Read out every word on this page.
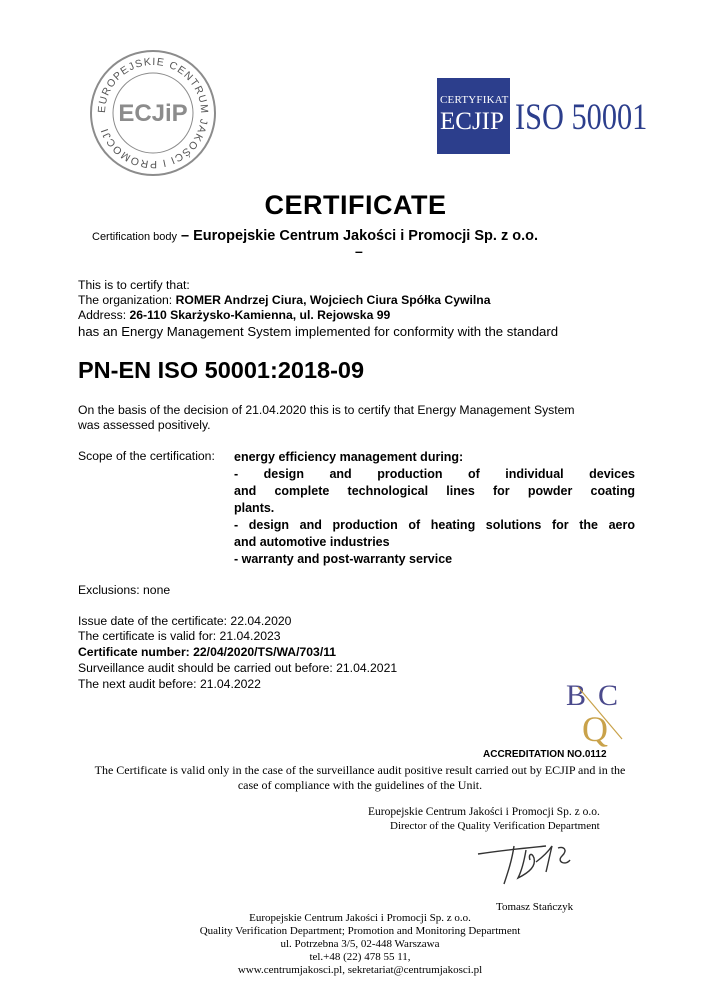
EUROPEJSKIE CENTRUM JAKOŚCI I PROMOCJI
ECJiP	CERTYFIKAT
ECJIP ISO 50001
CERTIFICATE
Certification body – Europejskie Centrum Jakości i Promocji Sp. z o.o.
–
This is to certify that:
The organization: ROMER Andrzej Ciura, Wojciech Ciura Spółka Cywilna
Address: 26-110 Skarżysko-Kamienna, ul. Rejowska 99
has an Energy Management System implemented for conformity with the standard
PN-EN ISO 50001:2018-09
On the basis of the decision of 21.04.2020 this is to certify that Energy Management System
was assessed positively.
Scope of the certification: energy efficiency management during:
- design and production of individual devices
and complete technological lines for powder coating
plants.
- design and production of heating solutions for the aero
and automotive industries
- warranty and post-warranty service
Exclusions: none
Issue date of the certificate: 22.04.2020
The certificate is valid for: 21.04.2023
Certificate number: 22/04/2020/TS/WA/703/11
Surveillance audit should be carried out before: 21.04.2021
The next audit before: 21.04.2022	B C
Q
ACCREDITATION NO.0112
The Certificate is valid only in the case of the surveillance audit positive result carried out by ECJIP and in the
case of compliance with the guidelines of the Unit.
Europejskie Centrum Jakości i Promocji Sp. z o.o.
Director of the Quality Verification Department
Tomasz Stańczyk
Europejskie Centrum Jakości i Promocji Sp. z o.o.
Quality Verification Department; Promotion and Monitoring Department
ul. Potrzebna 3/5, 02-448 Warszawa
tel.+48 (22) 478 55 11,
www.centrumjakosci.pl, sekretariat@centrumjakosci.pl
